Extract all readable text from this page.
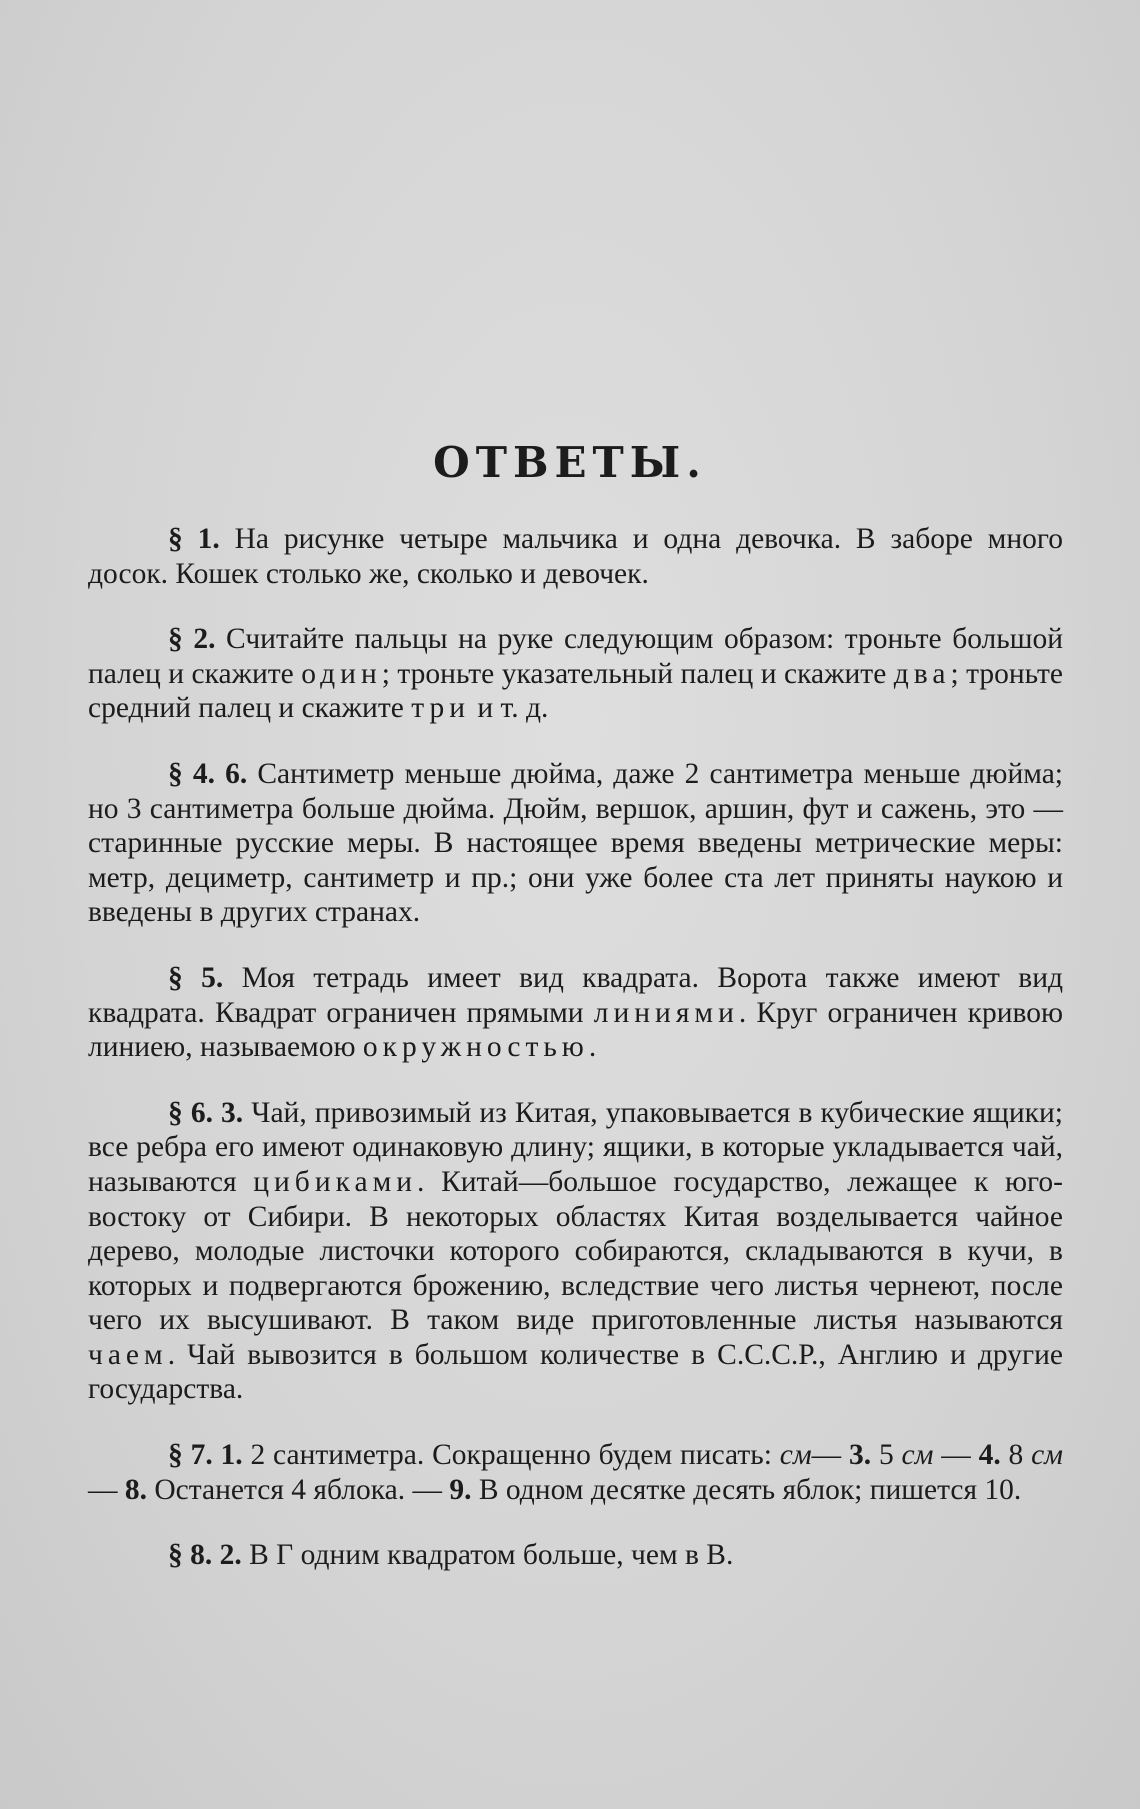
ОТВЕТЫ.

§ 1. На рисунке четыре мальчика и одна девочка. В заборе много досок. Кошек столько же, сколько и девочек.

§ 2. Считайте пальцы на руке следующим образом: троньте большой палец и скажите один; троньте указательный палец и скажите два; троньте средний палец и скажите три и т. д.

§ 4. 6. Сантиметр меньше дюйма, даже 2 сантиметра меньше дюйма; но 3 сантиметра больше дюйма. Дюйм, вершок, аршин, фут и сажень, это — старинные русские меры. В настоящее время введены метрические меры: метр, дециметр, сантиметр и пр.; они уже более ста лет приняты наукою и введены в других странах.

§ 5. Моя тетрадь имеет вид квадрата. Ворота также имеют вид квадрата. Квадрат ограничен прямыми линиями. Круг ограничен кривою линиею, называемою окружностью.

§ 6. 3. Чай, привозимый из Китая, упаковывается в кубические ящики; все ребра его имеют одинаковую длину; ящики, в которые укладывается чай, называются цибиками. Китай—большое государство, лежащее к юго-востоку от Сибири. В некоторых областях Китая возделывается чайное дерево, молодые листочки которого собираются, складываются в кучи, в которых и подвергаются брожению, вследствие чего листья чернеют, после чего их высушивают. В таком виде приготовленные листья называются чаем. Чай вывозится в большом количестве в С.С.С.Р., Англию и другие государства.

§ 7. 1. 2 сантиметра. Сокращенно будем писать: см— 3. 5 см — 4. 8 см — 8. Останется 4 яблока. — 9. В одном десятке десять яблок; пишется 10.

§ 8. 2. В Г одним квадратом больше, чем в В.
